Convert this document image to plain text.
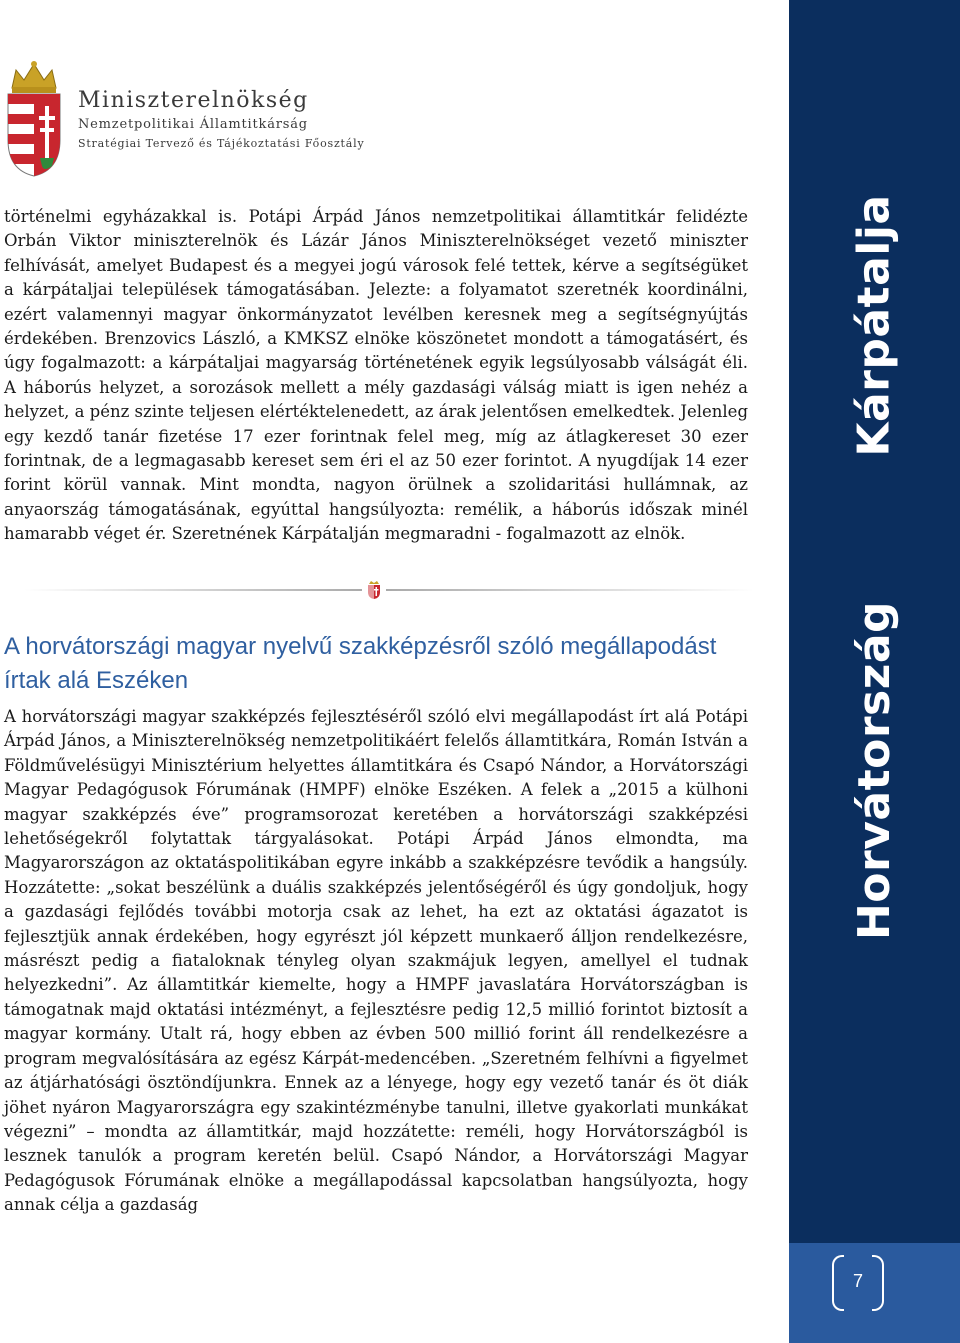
Miniszterelnökség

Nemzetpolitikai Államtitkárság

Stratégiai Tervező és Tájékoztatási Főosztály

történelmi egyházakkal is. Potápi Árpád János nemzetpolitikai államtitkár felidézte Orbán Viktor miniszterelnök és Lázár János Miniszterelnökséget vezető miniszter felhívását, amelyet Budapest és a megyei jogú városok felé tettek, kérve a segítségüket a kárpátaljai települések támogatásában. Jelezte: a folyamatot szeretnék koordinálni, ezért valamennyi magyar önkormányzatot levélben keresnek meg a segítségnyújtás érdekében. Brenzovics László, a KMKSZ elnöke köszönetet mondott a támogatásért, és úgy fogalmazott: a kárpátaljai magyarság történetének egyik legsúlyosabb válságát éli. A háborús helyzet, a sorozások mellett a mély gazdasági válság miatt is igen nehéz a helyzet, a pénz szinte teljesen elértéktelenedett, az árak jelentősen emelkedtek. Jelenleg egy kezdő tanár fizetése 17 ezer forintnak felel meg, míg az átlagkereset 30 ezer forintnak, de a legmagasabb kereset sem éri el az 50 ezer forintot. A nyugdíjak 14 ezer forint körül vannak. Mint mondta, nagyon örülnek a szolidaritási hullámnak, az anyaország támogatásának, egyúttal hangsúlyozta: remélik, a háborús időszak minél hamarabb véget ér. Szeretnének Kárpátalján megmaradni - fogalmazott az elnök.

A horvátországi magyar nyelvű szakképzésről szóló megállapodást írtak alá Eszéken

A horvátországi magyar szakképzés fejlesztéséről szóló elvi megállapodást írt alá Potápi Árpád János, a Miniszterelnökség nemzetpolitikáért felelős államtitkára, Román István a Földművelésügyi Minisztérium helyettes államtitkára és Csapó Nándor, a Horvátországi Magyar Pedagógusok Fórumának (HMPF) elnöke Eszéken. A felek a „2015 a külhoni magyar szakképzés éve” programsorozat keretében a horvátországi szakképzési lehetőségekről folytattak tárgyalásokat. Potápi Árpád János elmondta, ma Magyarországon az oktatáspolitikában egyre inkább a szakképzésre tevődik a hangsúly. Hozzátette: „sokat beszélünk a duális szakképzés jelentőségéről és úgy gondoljuk, hogy a gazdasági fejlődés további motorja csak az lehet, ha ezt az oktatási ágazatot is fejlesztjük annak érdekében, hogy egyrészt jól képzett munkaerő álljon rendelkezésre, másrészt pedig a fiataloknak tényleg olyan szakmájuk legyen, amellyel el tudnak helyezkedni”. Az államtitkár kiemelte, hogy a HMPF javaslatára Horvátországban is támogatnak majd oktatási intézményt, a fejlesztésre pedig 12,5 millió forintot biztosít a magyar kormány. Utalt rá, hogy ebben az évben 500 millió forint áll rendelkezésre a program megvalósítására az egész Kárpát-medencében. „Szeretném felhívni a figyelmet az átjárhatósági ösztöndíjunkra. Ennek az a lényege, hogy egy vezető tanár és öt diák jöhet nyáron Magyarországra egy szakintézménybe tanulni, illetve gyakorlati munkákat végezni” – mondta az államtitkár, majd hozzátette: reméli, hogy Horvátországból is lesznek tanulók a program keretén belül. Csapó Nándor, a Horvátországi Magyar Pedagógusok Fórumának elnöke a megállapodással kapcsolatban hangsúlyozta, hogy annak célja a gazdaság

Kárpátalja
Horvátország
7
